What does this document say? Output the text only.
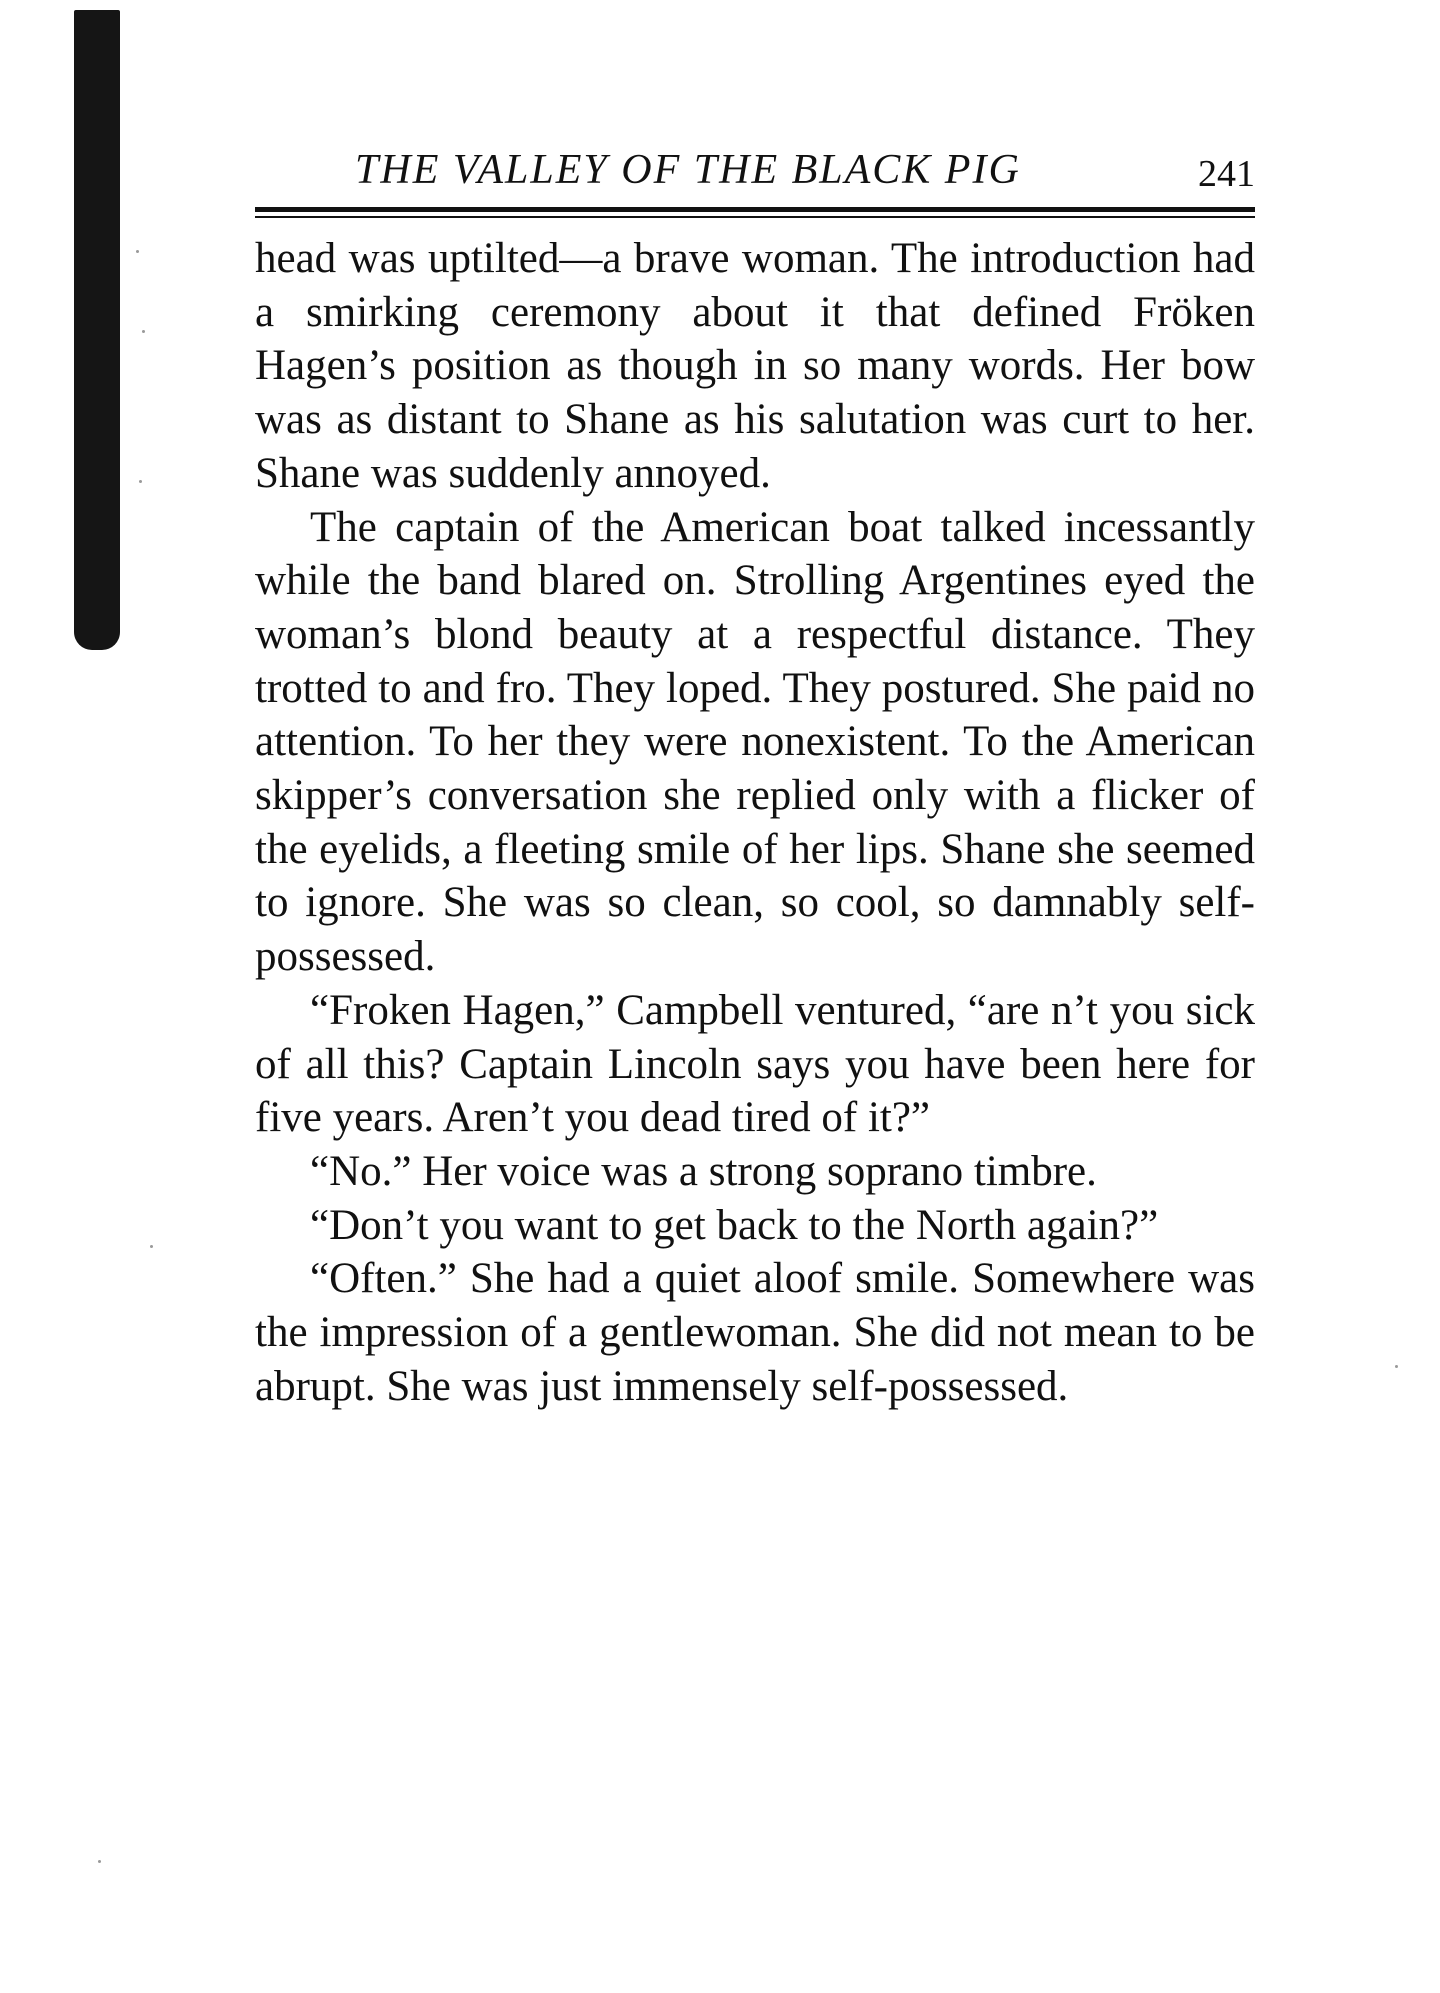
THE VALLEY OF THE BLACK PIG	241

head was uptilted—a brave woman. The introduction had a smirking ceremony about it that defined Fröken Hagen’s position as though in so many words. Her bow was as distant to Shane as his salutation was curt to her. Shane was suddenly annoyed.

The captain of the American boat talked incessantly while the band blared on. Strolling Argentines eyed the woman’s blond beauty at a respectful distance. They trotted to and fro. They loped. They postured. She paid no attention. To her they were nonexistent. To the American skipper’s conversation she replied only with a flicker of the eyelids, a fleeting smile of her lips. Shane she seemed to ignore. She was so clean, so cool, so damnably self-possessed.

“Froken Hagen,” Campbell ventured, “are n’t you sick of all this? Captain Lincoln says you have been here for five years. Aren’t you dead tired of it?”

“No.” Her voice was a strong soprano timbre.

“Don’t you want to get back to the North again?”

“Often.” She had a quiet aloof smile. Somewhere was the impression of a gentlewoman. She did not mean to be abrupt. She was just immensely self-possessed.
